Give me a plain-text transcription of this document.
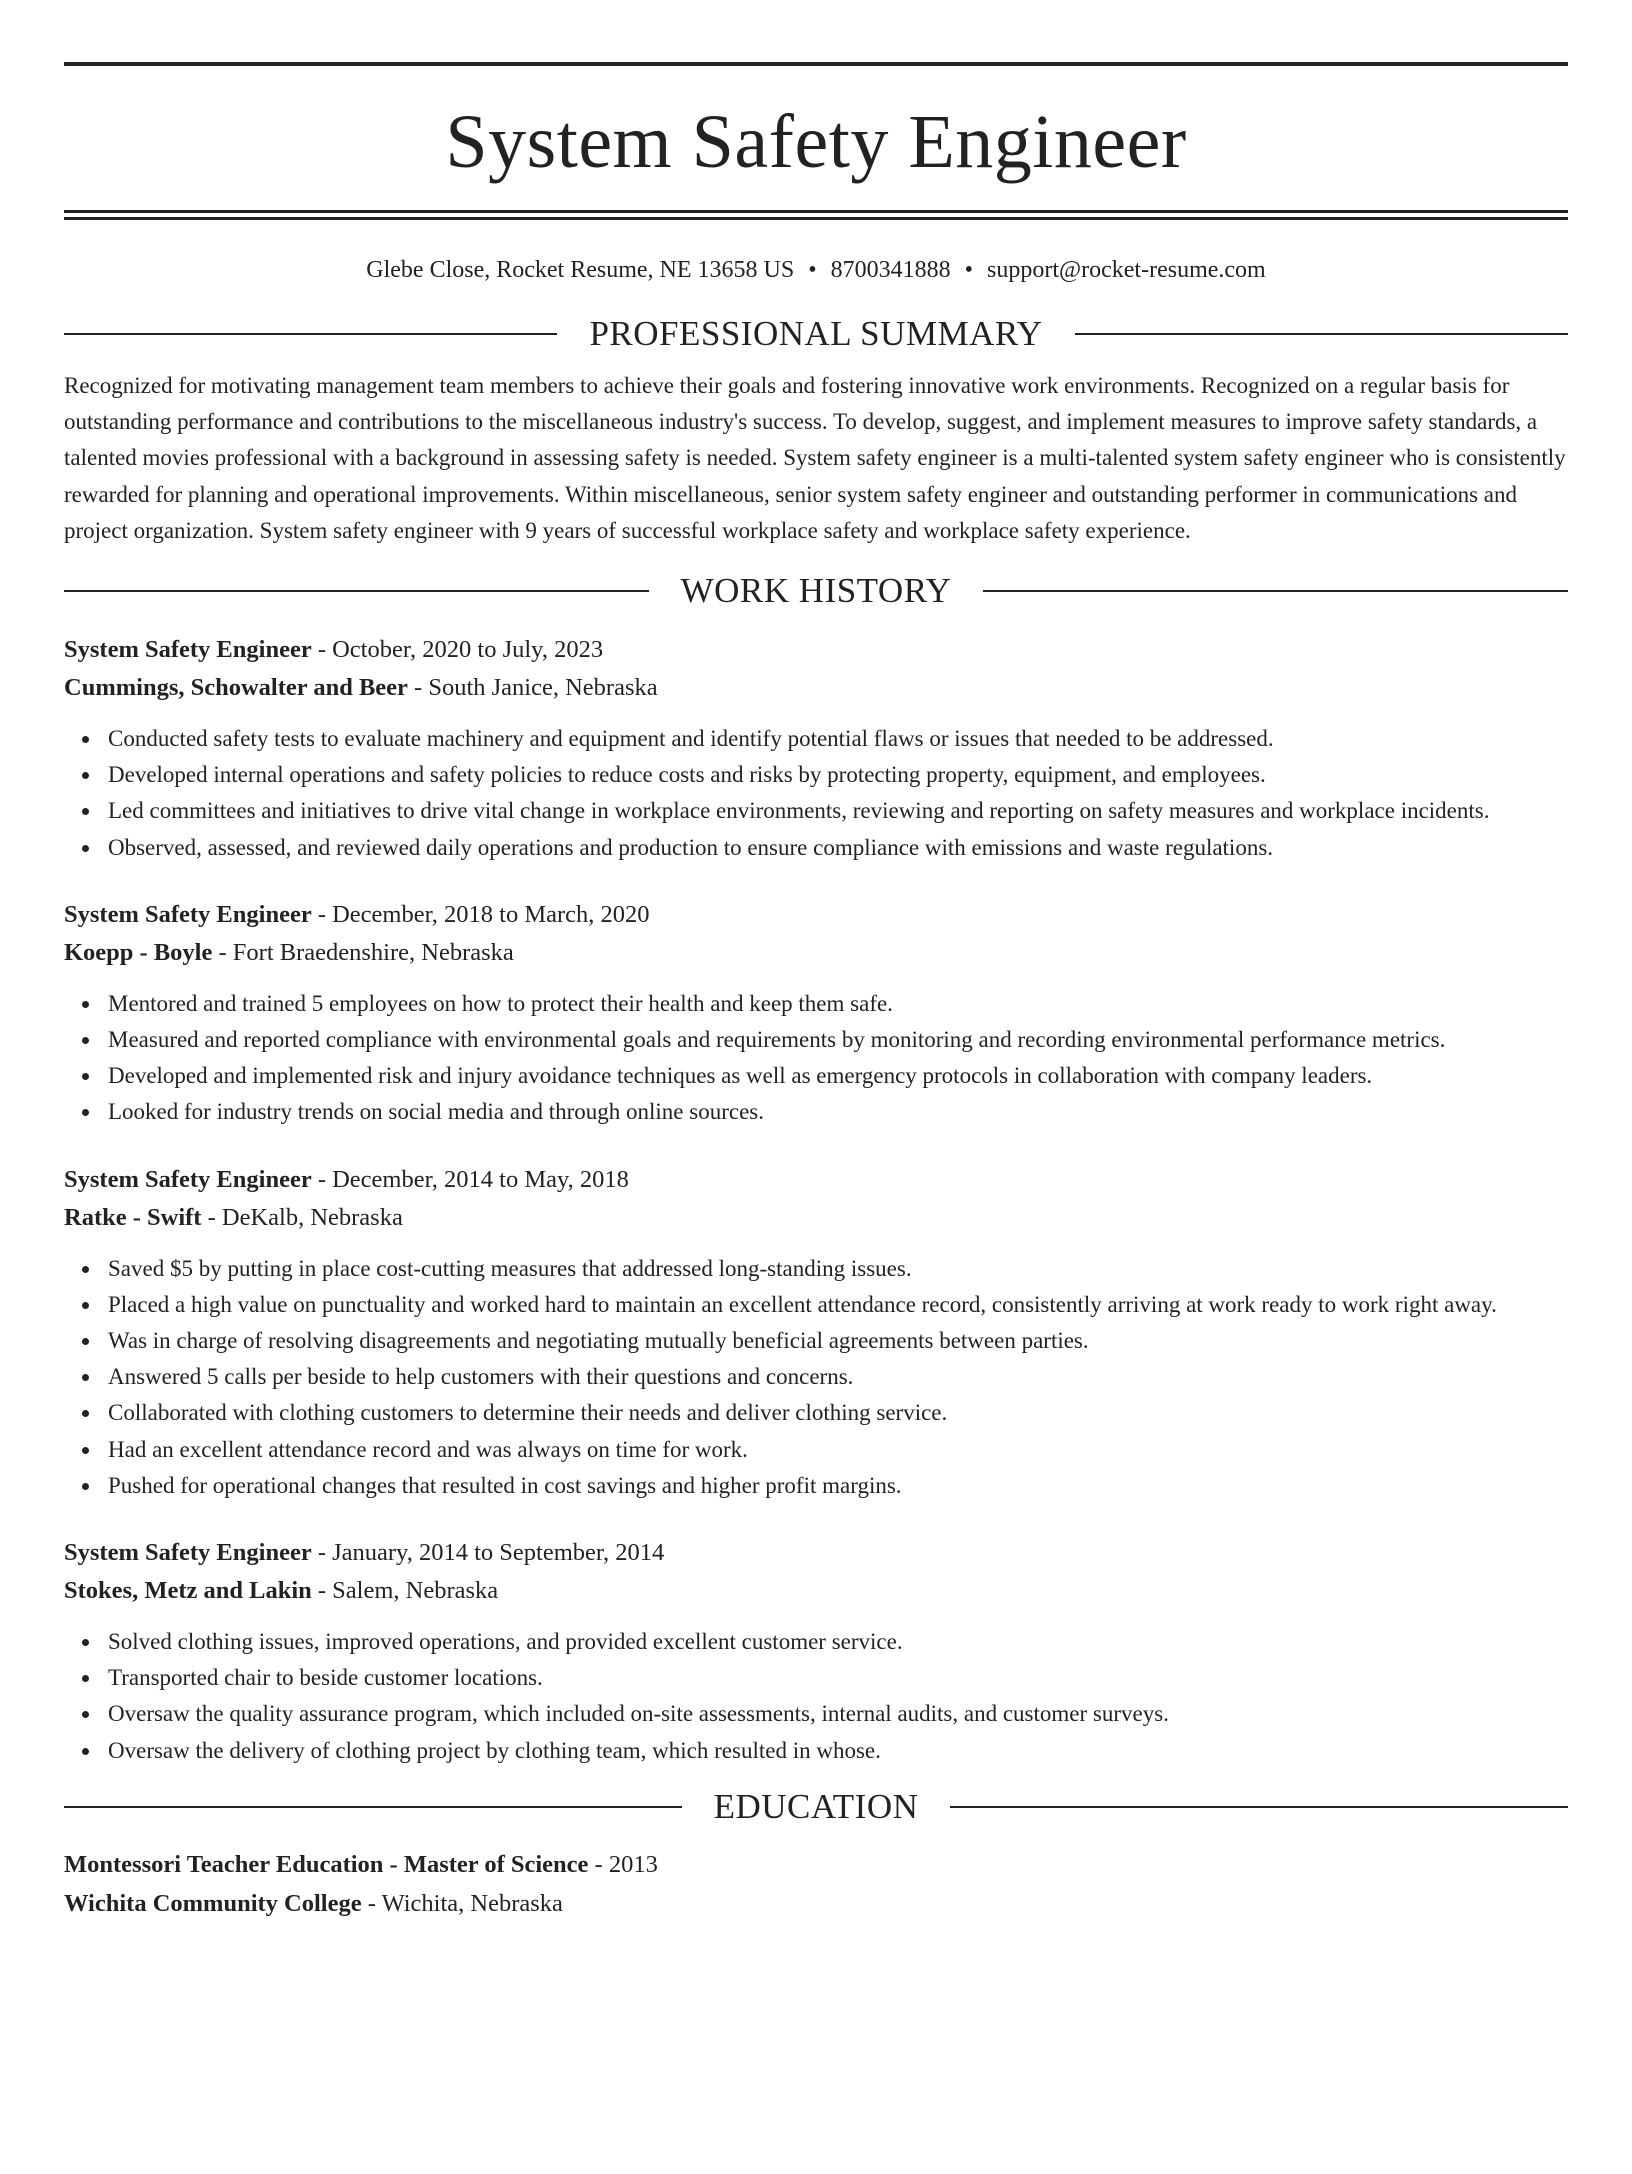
System Safety Engineer
Glebe Close, Rocket Resume, NE 13658 US • 8700341888 • support@rocket-resume.com
PROFESSIONAL SUMMARY

Recognized for motivating management team members to achieve their goals and fostering innovative work environments. Recognized on a regular basis for outstanding performance and contributions to the miscellaneous industry's success. To develop, suggest, and implement measures to improve safety standards, a talented movies professional with a background in assessing safety is needed. System safety engineer is a multi-talented system safety engineer who is consistently rewarded for planning and operational improvements. Within miscellaneous, senior system safety engineer and outstanding performer in communications and project organization. System safety engineer with 9 years of successful workplace safety and workplace safety experience.

WORK HISTORY
System Safety Engineer - October, 2020 to July, 2023
Cummings, Schowalter and Beer - South Janice, Nebraska
Conducted safety tests to evaluate machinery and equipment and identify potential flaws or issues that needed to be addressed.
Developed internal operations and safety policies to reduce costs and risks by protecting property, equipment, and employees.
Led committees and initiatives to drive vital change in workplace environments, reviewing and reporting on safety measures and workplace incidents.
Observed, assessed, and reviewed daily operations and production to ensure compliance with emissions and waste regulations.
System Safety Engineer - December, 2018 to March, 2020
Koepp - Boyle - Fort Braedenshire, Nebraska
Mentored and trained 5 employees on how to protect their health and keep them safe.
Measured and reported compliance with environmental goals and requirements by monitoring and recording environmental performance metrics.
Developed and implemented risk and injury avoidance techniques as well as emergency protocols in collaboration with company leaders.
Looked for industry trends on social media and through online sources.
System Safety Engineer - December, 2014 to May, 2018
Ratke - Swift - DeKalb, Nebraska
Saved $5 by putting in place cost-cutting measures that addressed long-standing issues.
Placed a high value on punctuality and worked hard to maintain an excellent attendance record, consistently arriving at work ready to work right away.
Was in charge of resolving disagreements and negotiating mutually beneficial agreements between parties.
Answered 5 calls per beside to help customers with their questions and concerns.
Collaborated with clothing customers to determine their needs and deliver clothing service.
Had an excellent attendance record and was always on time for work.
Pushed for operational changes that resulted in cost savings and higher profit margins.
System Safety Engineer - January, 2014 to September, 2014
Stokes, Metz and Lakin - Salem, Nebraska
Solved clothing issues, improved operations, and provided excellent customer service.
Transported chair to beside customer locations.
Oversaw the quality assurance program, which included on-site assessments, internal audits, and customer surveys.
Oversaw the delivery of clothing project by clothing team, which resulted in whose.
EDUCATION
Montessori Teacher Education - Master of Science - 2013
Wichita Community College - Wichita, Nebraska
